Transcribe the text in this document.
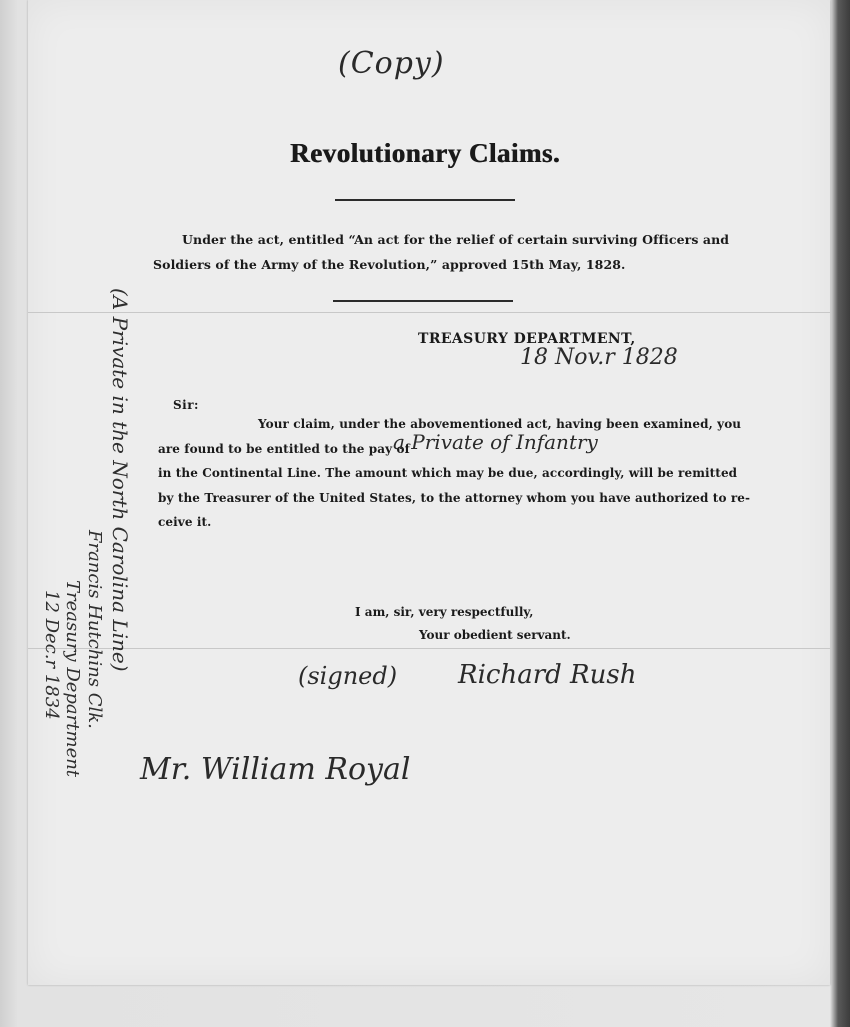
(Copy)
Revolutionary Claims.
Under the act, entitled “An act for the relief of certain surviving Officers and
Soldiers of the Army of the Revolution,” approved 15th May, 1828.
TREASURY DEPARTMENT,
18 Nov.r 1828
Sir:
Your claim, under the abovementioned act, having been examined, you
are found to be entitled to the pay of
a Private of Infantry
in the Continental Line. The amount which may be due, accordingly, will be remitted
by the Treasurer of the United States, to the attorney whom you have authorized to re-
ceive it.
I am, sir, very respectfully,
Your obedient servant.
(signed) Richard Rush
Mr. William Royal
(A Private in the North Carolina Line)
Francis Hutchins Clk.
Treasury Department
12 Dec.r 1834
